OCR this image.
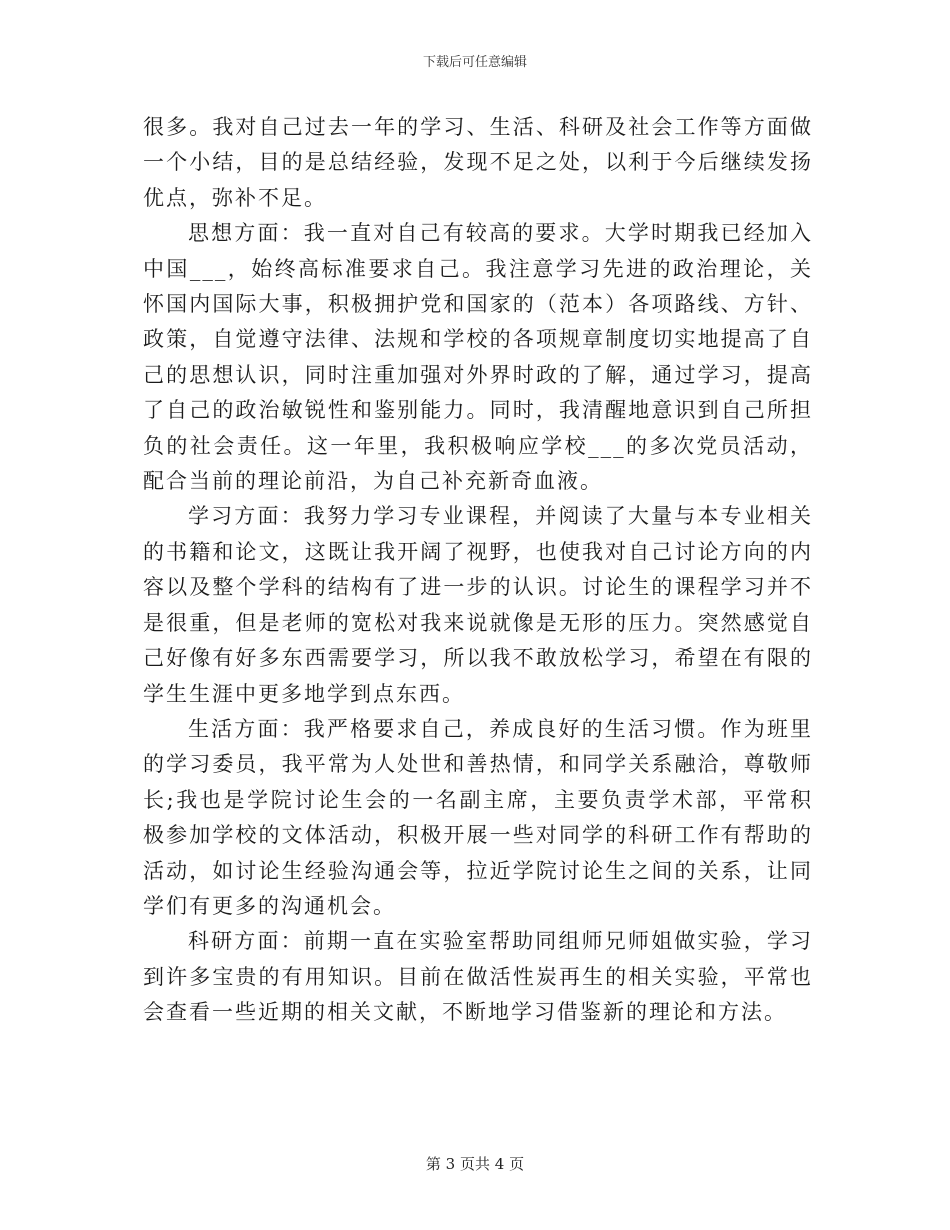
下载后可任意编辑

很多。我对自己过去一年的学习、生活、科研及社会工作等方面做一个小结，目的是总结经验，发现不足之处，以利于今后继续发扬优点，弥补不足。

思想方面：我一直对自己有较高的要求。大学时期我已经加入中国___，始终高标准要求自己。我注意学习先进的政治理论，关怀国内国际大事，积极拥护党和国家的（范本）各项路线、方针、政策，自觉遵守法律、法规和学校的各项规章制度切实地提高了自己的思想认识，同时注重加强对外界时政的了解，通过学习，提高了自己的政治敏锐性和鉴别能力。同时，我清醒地意识到自己所担负的社会责任。这一年里，我积极响应学校___的多次党员活动，配合当前的理论前沿，为自己补充新奇血液。

学习方面：我努力学习专业课程，并阅读了大量与本专业相关的书籍和论文，这既让我开阔了视野，也使我对自己讨论方向的内容以及整个学科的结构有了进一步的认识。讨论生的课程学习并不是很重，但是老师的宽松对我来说就像是无形的压力。突然感觉自己好像有好多东西需要学习，所以我不敢放松学习，希望在有限的学生生涯中更多地学到点东西。

生活方面：我严格要求自己，养成良好的生活习惯。作为班里的学习委员，我平常为人处世和善热情，和同学关系融洽，尊敬师长;我也是学院讨论生会的一名副主席，主要负责学术部，平常积极参加学校的文体活动，积极开展一些对同学的科研工作有帮助的活动，如讨论生经验沟通会等，拉近学院讨论生之间的关系，让同学们有更多的沟通机会。

科研方面：前期一直在实验室帮助同组师兄师姐做实验，学习到许多宝贵的有用知识。目前在做活性炭再生的相关实验，平常也会查看一些近期的相关文献，不断地学习借鉴新的理论和方法。

第 3 页共 4 页
